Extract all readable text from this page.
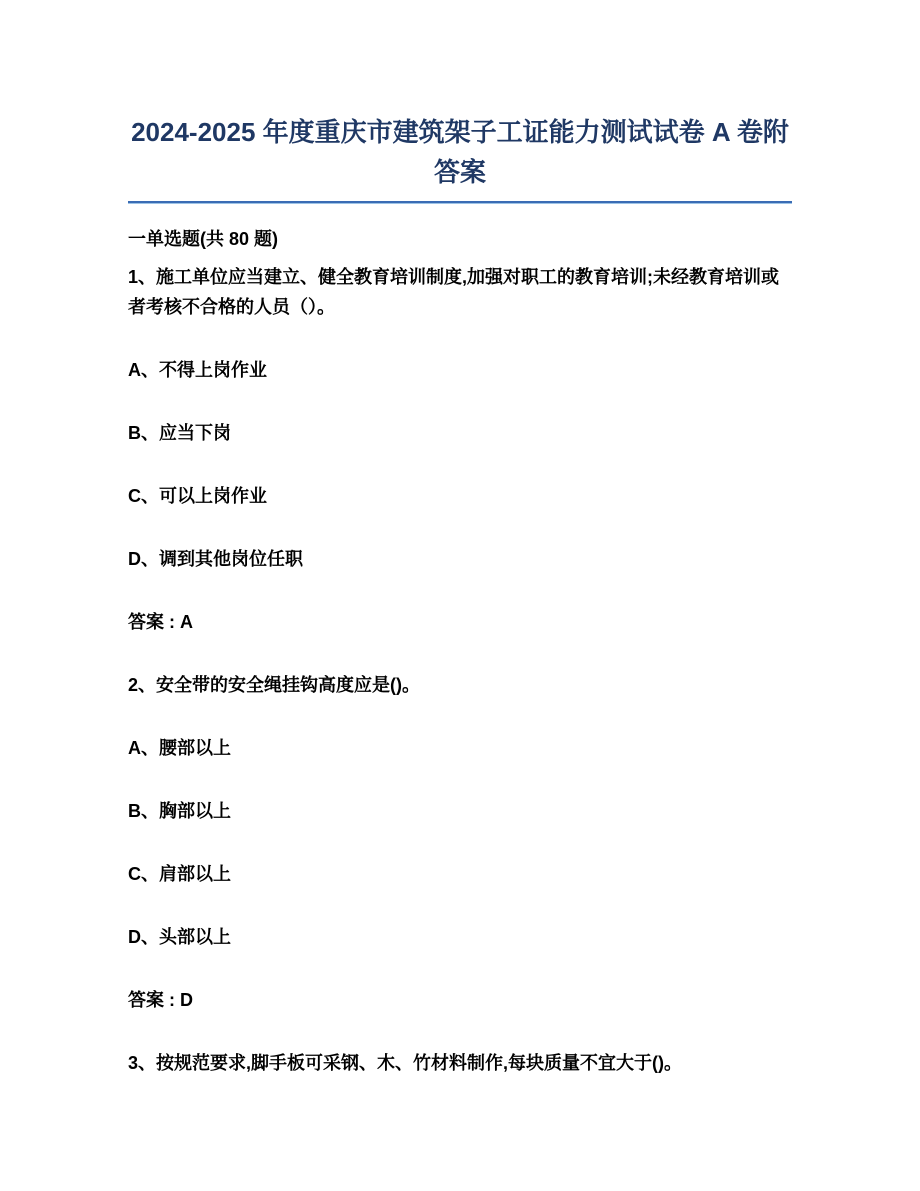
2024-2025 年度重庆市建筑架子工证能力测试试卷 A 卷附
答案

一单选题(共 80 题)

1、施工单位应当建立、健全教育培训制度,加强对职工的教育培训;未经教育培训或者考核不合格的人员（）。

A、不得上岗作业

B、应当下岗

C、可以上岗作业

D、调到其他岗位任职

答案 : A

2、安全带的安全绳挂钩高度应是()。

A、腰部以上

B、胸部以上

C、肩部以上

D、头部以上

答案 : D

3、按规范要求,脚手板可采钢、木、竹材料制作,每块质量不宜大于()。
